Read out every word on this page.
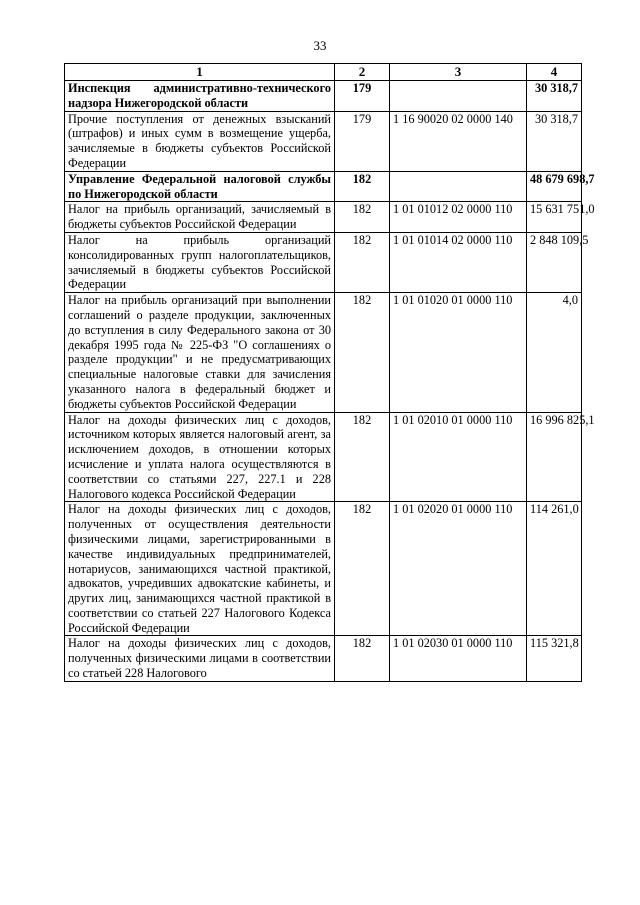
33
1	2	3	4
Инспекция административно-технического надзора Нижегородской области	179		30 318,7
Прочие поступления от денежных взысканий (штрафов) и иных сумм в возмещение ущерба, зачисляемые в бюджеты субъектов Российской Федерации	179	1 16 90020 02 0000 140	30 318,7
Управление Федеральной налоговой службы по Нижегородской области	182		48 679 698,7
Налог на прибыль организаций, зачисляемый в бюджеты субъектов Российской Федерации	182	1 01 01012 02 0000 110	15 631 751,0
Налог на прибыль организаций консолидированных групп налогоплательщиков, зачисляемый в бюджеты субъектов Российской Федерации	182	1 01 01014 02 0000 110	2 848 109,5
Налог на прибыль организаций при выполнении соглашений о разделе продукции, заключенных до вступления в силу Федерального закона от 30 декабря 1995 года № 225-ФЗ "О соглашениях о разделе продукции" и не предусматривающих специальные налоговые ставки для зачисления указанного налога в федеральный бюджет и бюджеты субъектов Российской Федерации	182	1 01 01020 01 0000 110	4,0
Налог на доходы физических лиц с доходов, источником которых является налоговый агент, за исключением доходов, в отношении которых исчисление и уплата налога осуществляются в соответствии со статьями 227, 227.1 и 228 Налогового кодекса Российской Федерации	182	1 01 02010 01 0000 110	16 996 825,1
Налог на доходы физических лиц с доходов, полученных от осуществления деятельности физическими лицами, зарегистрированными в качестве индивидуальных предпринимателей, нотариусов, занимающихся частной практикой, адвокатов, учредивших адвокатские кабинеты, и других лиц, занимающихся частной практикой в соответствии со статьей 227 Налогового Кодекса Российской Федерации	182	1 01 02020 01 0000 110	114 261,0
Налог на доходы физических лиц с доходов, полученных физическими лицами в соответствии со статьей 228 Налогового	182	1 01 02030 01 0000 110	115 321,8
